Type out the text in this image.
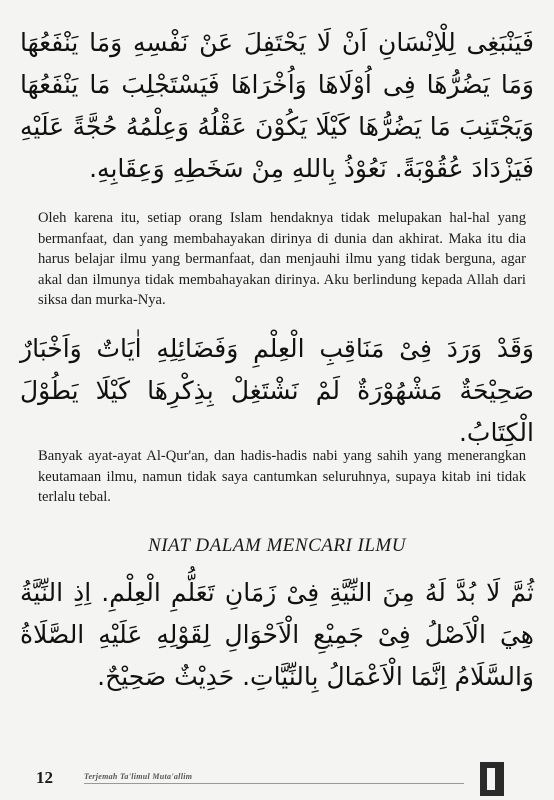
فَيَنْبَغِى لِلْاِنْسَانِ اَنْ لَا يَحْتَفِلَ عَنْ نَفْسِهِ وَمَا يَنْفَعُهَا وَمَا يَضُرُّهَا فِى اُوْلَاهَا وَاُخْرَاهَا فَيَسْتَجْلِبَ مَا يَنْفَعُهَا وَيَجْتَنِبَ مَا يَضُرُّهَا كَيْلَا يَكُوْنَ عَقْلُهُ وَعِلْمُهُ حُجَّةً عَلَيْهِ فَيَزْدَادَ عُقُوْبَةً. نَعُوْذُ بِاللهِ مِنْ سَخَطِهِ وَعِقَابِهِ.
Oleh karena itu, setiap orang Islam hendaknya tidak melupakan hal-hal yang bermanfaat, dan yang membahayakan dirinya di dunia dan akhirat. Maka itu dia harus belajar ilmu yang bermanfaat, dan menjauhi ilmu yang tidak berguna, agar akal dan ilmunya tidak membahayakan dirinya. Aku berlindung kepada Allah dari siksa dan murka-Nya.
وَقَدْ وَرَدَ فِىْ مَنَاقِبِ الْعِلْمِ وَفَضَائِلِهِ اٰيَاتٌ وَاَخْبَارٌ صَحِيْحَةٌ مَشْهُوْرَةٌ لَمْ نَشْتَغِلْ بِذِكْرِهَا كَيْلَا يَطُوْلَ الْكِتَابُ.
Banyak ayat-ayat Al-Qur'an, dan hadis-hadis nabi yang sahih yang menerangkan keutamaan ilmu, namun tidak saya cantumkan seluruhnya, supaya kitab ini tidak terlalu tebal.
NIAT DALAM MENCARI ILMU
ثُمَّ لَا بُدَّ لَهُ مِنَ النِّيَّةِ فِىْ زَمَانِ تَعَلُّمِ الْعِلْمِ. اِذِ النِّيَّةُ هِيَ الْاَصْلُ فِىْ جَمِيْعِ الْاَحْوَالِ لِقَوْلِهِ عَلَيْهِ الصَّلَاةُ وَالسَّلَامُ اِنَّمَا الْاَعْمَالُ بِالنِّيَّاتِ. حَدِيْثٌ صَحِيْحٌ.
12	Terjemah Ta'limul Muta'allim
